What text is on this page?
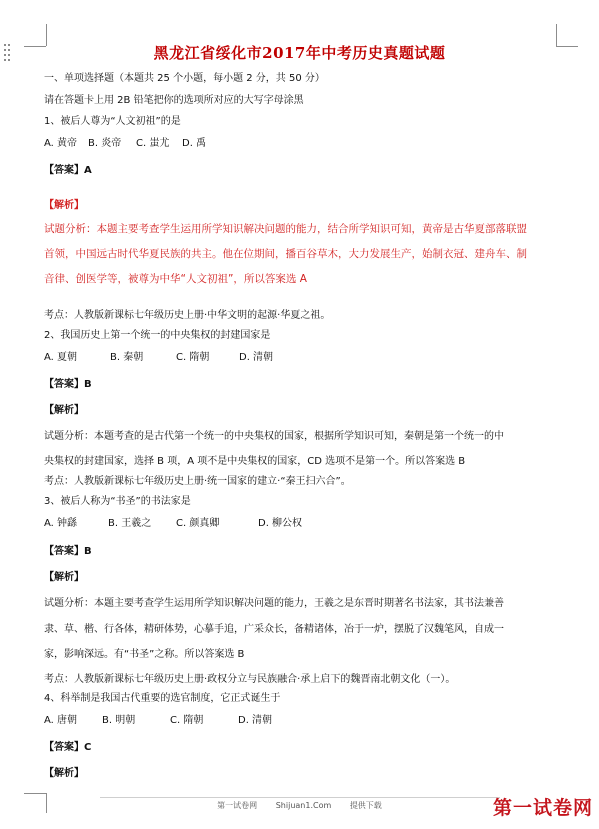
黑龙江省绥化市2017年中考历史真题试题
一、单项选择题（本题共 25 个小题，每小题 2 分，共 50 分）
请在答题卡上用 2B 铅笔把你的选项所对应的大写字母涂黑
1、被后人尊为“人文初祖”的是
A. 黄帝 B. 炎帝 C. 蚩尤 D. 禹
【答案】A
【解析】
试题分析：本题主要考查学生运用所学知识解决问题的能力，结合所学知识可知，黄帝是古华夏部落联盟
首领，中国远古时代华夏民族的共主。他在位期间，播百谷草木，大力发展生产，始制衣冠、建舟车、制
音律、创医学等，被尊为中华“人文初祖”，所以答案选 A
考点：人教版新课标七年级历史上册·中华文明的起源·华夏之祖。
2、我国历史上第一个统一的中央集权的封建国家是
A. 夏朝	B. 秦朝	C. 隋朝	D. 清朝
【答案】B
【解析】
试题分析：本题考查的是古代第一个统一的中央集权的国家，根据所学知识可知，秦朝是第一个统一的中
央集权的封建国家，选择 B 项，A 项不是中央集权的国家，CD 选项不是第一个。所以答案选 B
考点：人教版新课标七年级历史上册·统一国家的建立·“秦王扫六合”。
3、被后人称为“书圣”的书法家是
A. 钟繇	B. 王羲之 C. 颜真卿	D. 柳公权
【答案】B
【解析】
试题分析：本题主要考查学生运用所学知识解决问题的能力，王羲之是东晋时期著名书法家，其书法兼善
隶、草、楷、行各体，精研体势，心摹手追，广采众长，备精诸体，冶于一炉，摆脱了汉魏笔风，自成一
家，影响深远。有“书圣”之称。所以答案选 B
考点：人教版新课标七年级历史上册·政权分立与民族融合·承上启下的魏晋南北朝文化（一）。
4、科举制是我国古代重要的选官制度，它正式诞生于
A. 唐朝 B. 明朝	C. 隋朝	D. 清朝
【答案】C
【解析】
第一试卷网 Shijuan1.Com 提供下载	第一试卷网
